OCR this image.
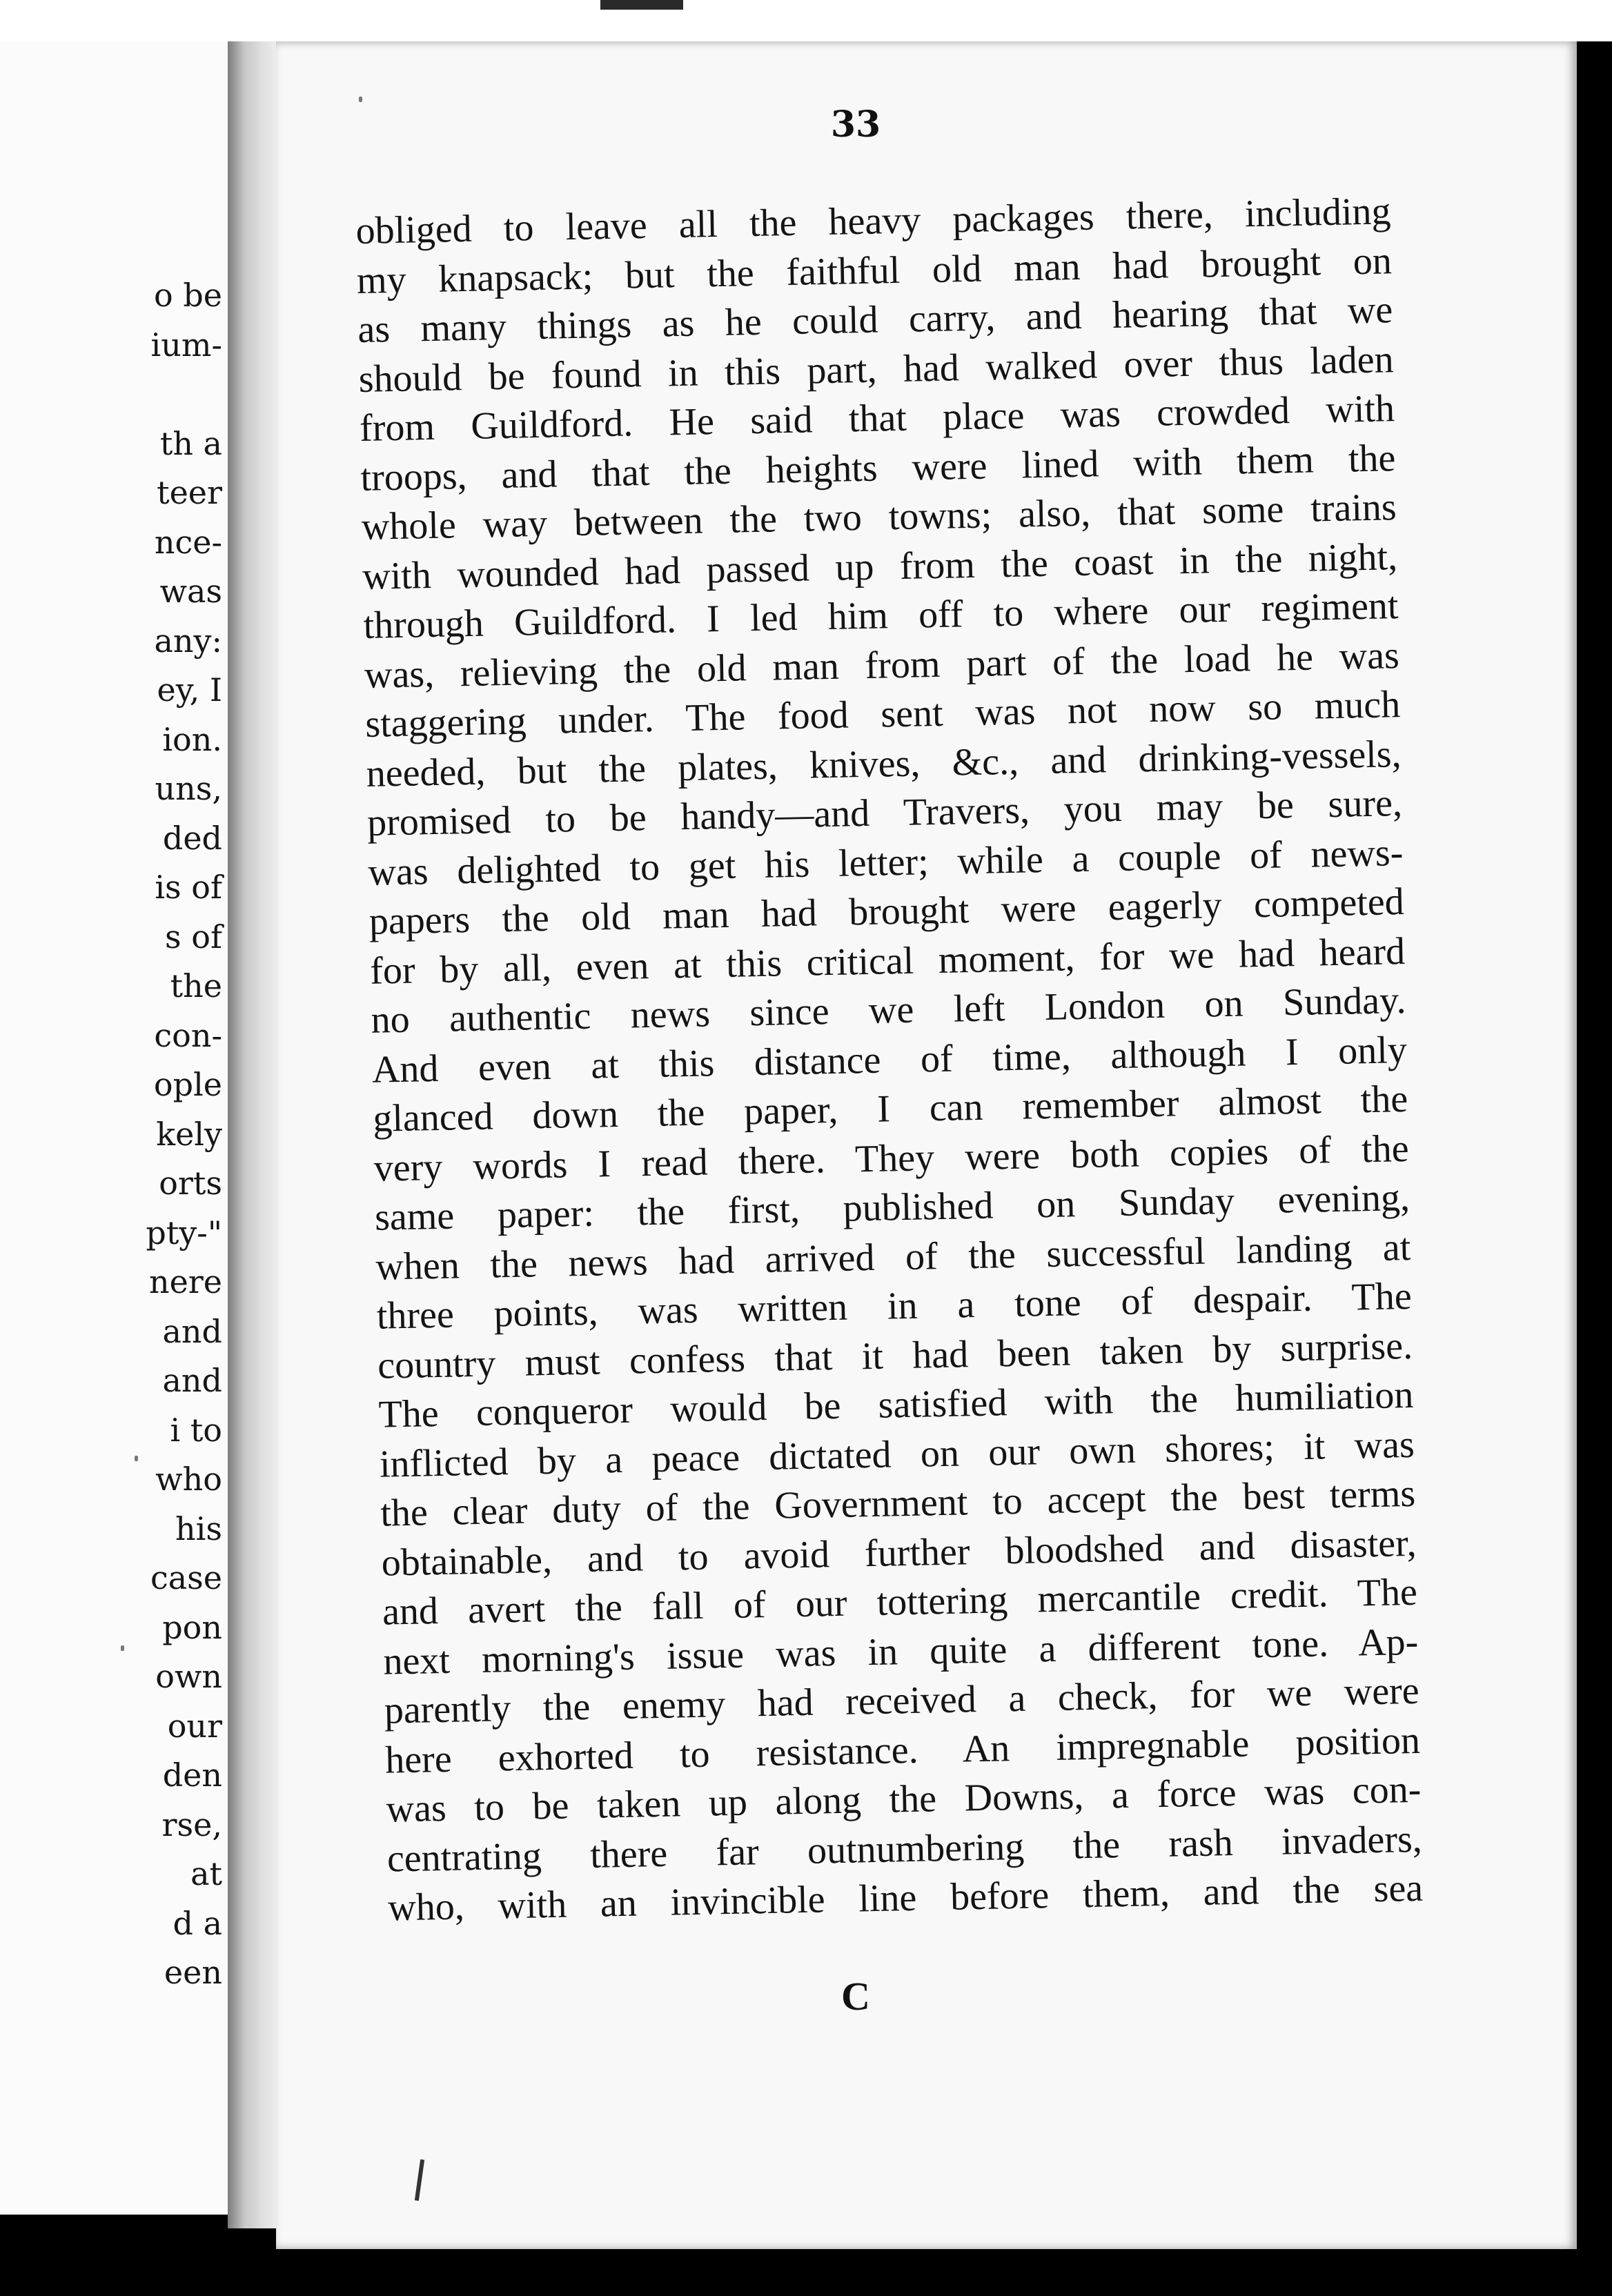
o be
ium-
th a
teer
nce-
was
any:
ey, I
ion.
uns,
ded
is of
s of
the
con-
ople
kely
orts
pty-"
nere
and
and
i to
who
his
case
pon
own
our
den
rse,
at
d a
een
33
obliged to leave all the heavy packages there, including
my knapsack; but the faithful old man had brought on
as many things as he could carry, and hearing that we
should be found in this part, had walked over thus laden
from Guildford. He said that place was crowded with
troops, and that the heights were lined with them the
whole way between the two towns; also, that some trains
with wounded had passed up from the coast in the night,
through Guildford. I led him off to where our regiment
was, relieving the old man from part of the load he was
staggering under. The food sent was not now so much
needed, but the plates, knives, &c., and drinking-vessels,
promised to be handy—and Travers, you may be sure,
was delighted to get his letter; while a couple of news-
papers the old man had brought were eagerly competed
for by all, even at this critical moment, for we had heard
no authentic news since we left London on Sunday.
And even at this distance of time, although I only
glanced down the paper, I can remember almost the
very words I read there. They were both copies of the
same paper: the first, published on Sunday evening,
when the news had arrived of the successful landing at
three points, was written in a tone of despair. The
country must confess that it had been taken by surprise.
The conqueror would be satisfied with the humiliation
inflicted by a peace dictated on our own shores; it was
the clear duty of the Government to accept the best terms
obtainable, and to avoid further bloodshed and disaster,
and avert the fall of our tottering mercantile credit. The
next morning's issue was in quite a different tone. Ap-
parently the enemy had received a check, for we were
here exhorted to resistance. An impregnable position
was to be taken up along the Downs, a force was con-
centrating there far outnumbering the rash invaders,
who, with an invincible line before them, and the sea
C
